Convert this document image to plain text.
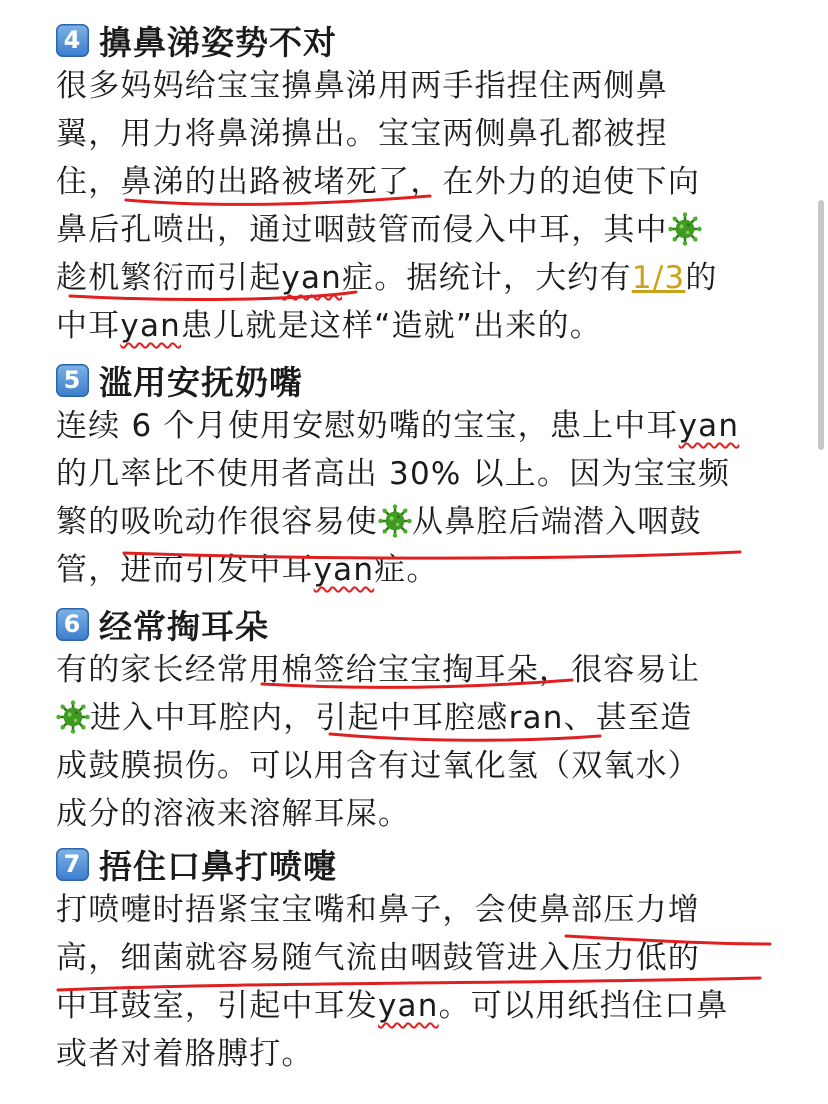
4 擤鼻涕姿势不对
很多妈妈给宝宝擤鼻涕用两手指捏住两侧鼻
翼，用力将鼻涕擤出。宝宝两侧鼻孔都被捏
住，鼻涕的出路被堵死了，在外力的迫使下向
鼻后孔喷出，通过咽鼓管而侵入中耳，其中
趁机繁衍而引起yan症。据统计，大约有1/3的
中耳yan患儿就是这样“造就”出来的。
5 滥用安抚奶嘴
连续 6 个月使用安慰奶嘴的宝宝，患上中耳yan
的几率比不使用者高出 30% 以上。因为宝宝频
繁的吸吮动作很容易使 从鼻腔后端潜入咽鼓
管，进而引发中耳yan症。
6 经常掏耳朵
有的家长经常用棉签给宝宝掏耳朵，很容易让
进入中耳腔内，引起中耳腔感ran、甚至造
成鼓膜损伤。可以用含有过氧化氢（双氧水）
成分的溶液来溶解耳屎。
7 捂住口鼻打喷嚏
打喷嚏时捂紧宝宝嘴和鼻子，会使鼻部压力增
高，细菌就容易随气流由咽鼓管进入压力低的
中耳鼓室，引起中耳发yan。可以用纸挡住口鼻
或者对着胳膊打。
